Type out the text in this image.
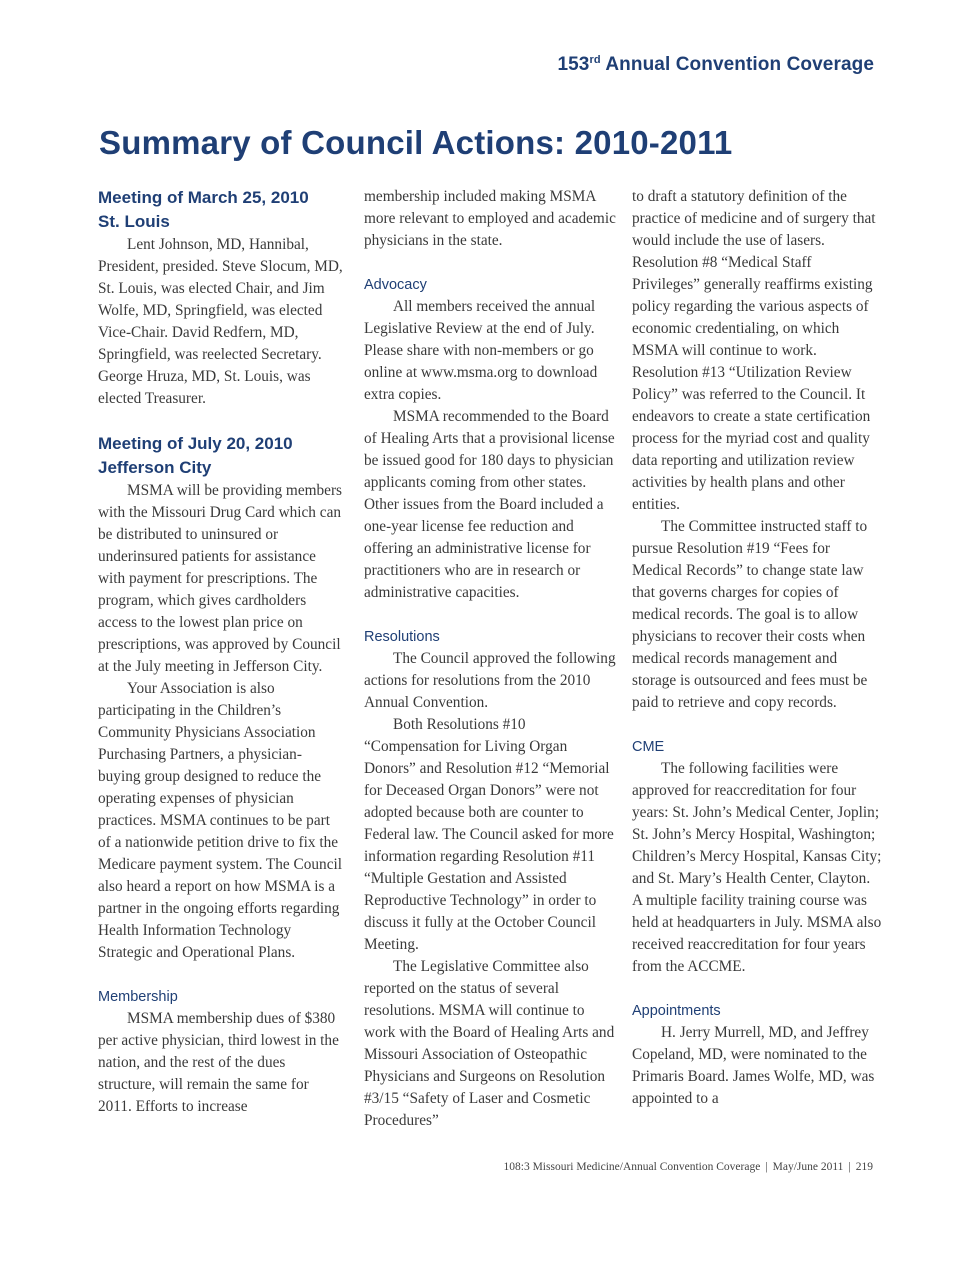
153rd Annual Convention Coverage
Summary of Council Actions: 2010-2011
Meeting of March 25, 2010
St. Louis

Lent Johnson, MD, Hannibal, President, presided. Steve Slocum, MD, St. Louis, was elected Chair, and Jim Wolfe, MD, Springfield, was elected Vice-Chair. David Redfern, MD, Springfield, was reelected Secretary. George Hruza, MD, St. Louis, was elected Treasurer.

Meeting of July 20, 2010
Jefferson City

MSMA will be providing members with the Missouri Drug Card which can be distributed to uninsured or underinsured patients for assistance with payment for prescriptions. The program, which gives cardholders access to the lowest plan price on prescriptions, was approved by Council at the July meeting in Jefferson City.

Your Association is also participating in the Children’s Community Physicians Association Purchasing Partners, a physician-buying group designed to reduce the operating expenses of physician practices. MSMA continues to be part of a nationwide petition drive to fix the Medicare payment system. The Council also heard a report on how MSMA is a partner in the ongoing efforts regarding Health Information Technology Strategic and Operational Plans.

Membership

MSMA membership dues of $380 per active physician, third lowest in the nation, and the rest of the dues structure, will remain the same for 2011. Efforts to increase

membership included making MSMA more relevant to employed and academic physicians in the state.

Advocacy

All members received the annual Legislative Review at the end of July. Please share with non-members or go online at www.msma.org to download extra copies.

MSMA recommended to the Board of Healing Arts that a provisional license be issued good for 180 days to physician applicants coming from other states. Other issues from the Board included a one-year license fee reduction and offering an administrative license for practitioners who are in research or administrative capacities.

Resolutions

The Council approved the following actions for resolutions from the 2010 Annual Convention.

Both Resolutions #10 “Compensation for Living Organ Donors” and Resolution #12 “Memorial for Deceased Organ Donors” were not adopted because both are counter to Federal law. The Council asked for more information regarding Resolution #11 “Multiple Gestation and Assisted Reproductive Technology” in order to discuss it fully at the October Council Meeting.

The Legislative Committee also reported on the status of several resolutions. MSMA will continue to work with the Board of Healing Arts and Missouri Association of Osteopathic Physicians and Surgeons on Resolution #3/15 “Safety of Laser and Cosmetic Procedures”

to draft a statutory definition of the practice of medicine and of surgery that would include the use of lasers. Resolution #8 “Medical Staff Privileges” generally reaffirms existing policy regarding the various aspects of economic credentialing, on which MSMA will continue to work. Resolution #13 “Utilization Review Policy” was referred to the Council. It endeavors to create a state certification process for the myriad cost and quality data reporting and utilization review activities by health plans and other entities.

The Committee instructed staff to pursue Resolution #19 “Fees for Medical Records” to change state law that governs charges for copies of medical records. The goal is to allow physicians to recover their costs when medical records management and storage is outsourced and fees must be paid to retrieve and copy records.

CME

The following facilities were approved for reaccreditation for four years: St. John’s Medical Center, Joplin; St. John’s Mercy Hospital, Washington; Children’s Mercy Hospital, Kansas City; and St. Mary’s Health Center, Clayton. A multiple facility training course was held at headquarters in July. MSMA also received reaccreditation for four years from the ACCME.

Appointments

H. Jerry Murrell, MD, and Jeffrey Copeland, MD, were nominated to the Primaris Board. James Wolfe, MD, was appointed to a

108:3 Missouri Medicine/Annual Convention Coverage | May/June 2011 | 219
